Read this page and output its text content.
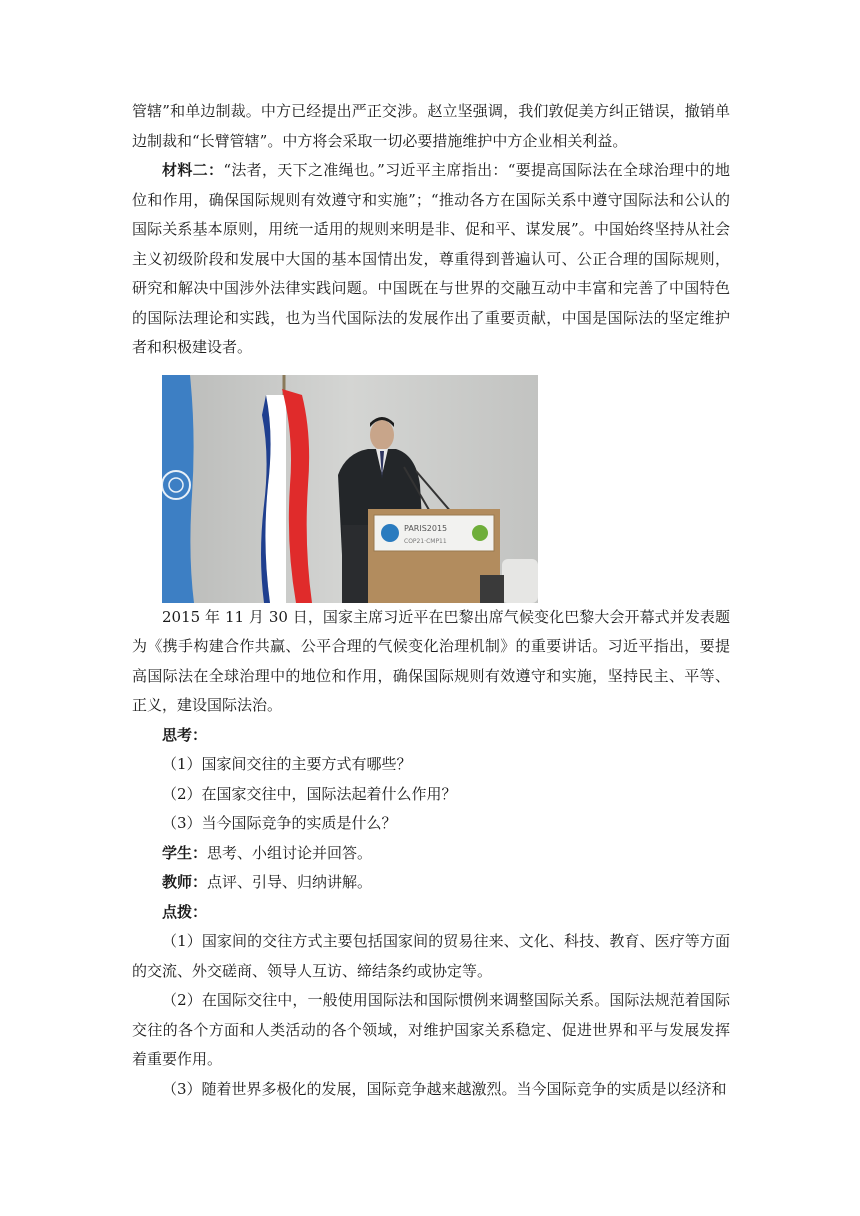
管辖”和单边制裁。中方已经提出严正交涉。赵立坚强调，我们敦促美方纠正错误，撤销单边制裁和“长臂管辖”。中方将会采取一切必要措施维护中方企业相关利益。

材料二：“法者，天下之准绳也。”习近平主席指出：“要提高国际法在全球治理中的地位和作用，确保国际规则有效遵守和实施”；“推动各方在国际关系中遵守国际法和公认的国际关系基本原则，用统一适用的规则来明是非、促和平、谋发展”。中国始终坚持从社会主义初级阶段和发展中大国的基本国情出发，尊重得到普遍认可、公正合理的国际规则，研究和解决中国涉外法律实践问题。中国既在与世界的交融互动中丰富和完善了中国特色的国际法理论和实践，也为当代国际法的发展作出了重要贡献，中国是国际法的坚定维护者和积极建设者。

PARIS2015
COP21·CMP11

2015 年 11 月 30 日，国家主席习近平在巴黎出席气候变化巴黎大会开幕式并发表题为《携手构建合作共赢、公平合理的气候变化治理机制》的重要讲话。习近平指出，要提高国际法在全球治理中的地位和作用，确保国际规则有效遵守和实施，坚持民主、平等、正义，建设国际法治。

思考：

（1）国家间交往的主要方式有哪些？

（2）在国家交往中，国际法起着什么作用？

（3）当今国际竞争的实质是什么？

学生：思考、小组讨论并回答。

教师：点评、引导、归纳讲解。

点拨：

（1）国家间的交往方式主要包括国家间的贸易往来、文化、科技、教育、医疗等方面的交流、外交磋商、领导人互访、缔结条约或协定等。

（2）在国际交往中，一般使用国际法和国际惯例来调整国际关系。国际法规范着国际交往的各个方面和人类活动的各个领域，对维护国家关系稳定、促进世界和平与发展发挥着重要作用。

（3）随着世界多极化的发展，国际竞争越来越激烈。当今国际竞争的实质是以经济和
